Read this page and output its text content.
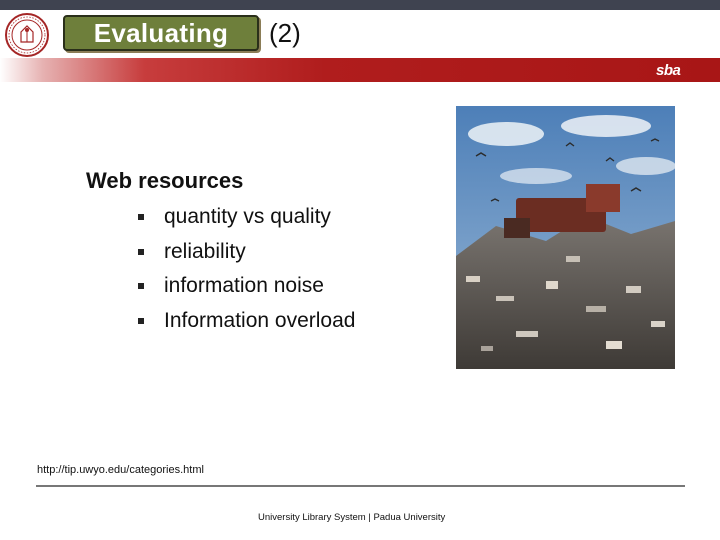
Evaluating (2)
sba
Web resources
quantity vs quality
reliability
information noise
Information overload
http://tip.uwyo.edu/categories.html
University Library System | Padua University
